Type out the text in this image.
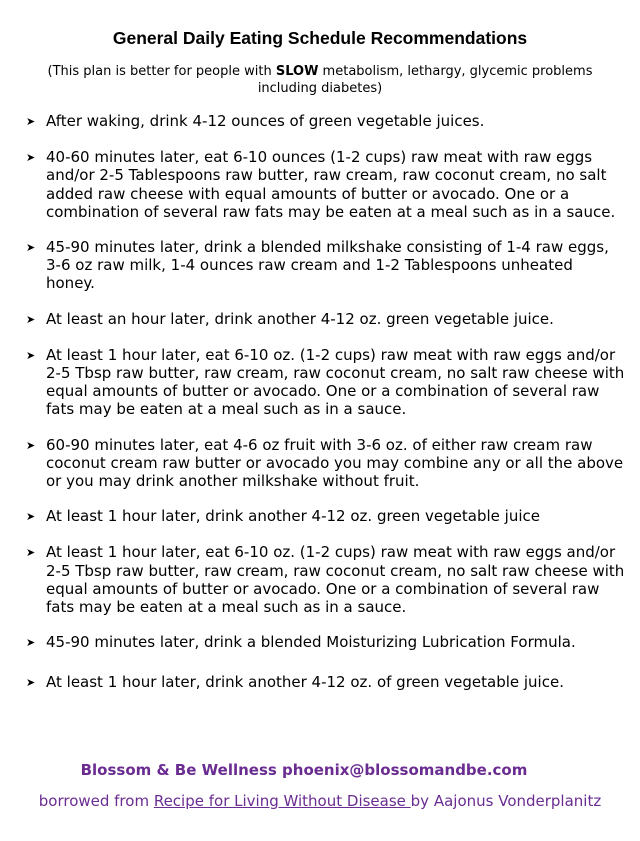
General Daily Eating Schedule Recommendations
(This plan is better for people with SLOW metabolism, lethargy, glycemic problems including diabetes)
➤ After waking, drink 4-12 ounces of green vegetable juices.
➤ 40-60 minutes later, eat 6-10 ounces (1-2 cups) raw meat with raw eggs and/or 2-5 Tablespoons raw butter, raw cream, raw coconut cream, no salt added raw cheese with equal amounts of butter or avocado. One or a combination of several raw fats may be eaten at a meal such as in a sauce.
➤ 45-90 minutes later, drink a blended milkshake consisting of 1-4 raw eggs, 3-6 oz raw milk, 1-4 ounces raw cream and 1-2 Tablespoons unheated honey.
➤ At least an hour later, drink another 4-12 oz. green vegetable juice.
➤ At least 1 hour later, eat 6-10 oz. (1-2 cups) raw meat with raw eggs and/or 2-5 Tbsp raw butter, raw cream, raw coconut cream, no salt raw cheese with equal amounts of butter or avocado. One or a combination of several raw fats may be eaten at a meal such as in a sauce.
➤ 60-90 minutes later, eat 4-6 oz fruit with 3-6 oz. of either raw cream raw coconut cream raw butter or avocado you may combine any or all the above or you may drink another milkshake without fruit.
➤ At least 1 hour later, drink another 4-12 oz. green vegetable juice
➤ At least 1 hour later, eat 6-10 oz. (1-2 cups) raw meat with raw eggs and/or 2-5 Tbsp raw butter, raw cream, raw coconut cream, no salt raw cheese with equal amounts of butter or avocado. One or a combination of several raw fats may be eaten at a meal such as in a sauce.
➤ 45-90 minutes later, drink a blended Moisturizing Lubrication Formula.
➤ At least 1 hour later, drink another 4-12 oz. of green vegetable juice.
Blossom & Be Wellness phoenix@blossomandbe.com
borrowed from Recipe for Living Without Disease by Aajonus Vonderplanitz
